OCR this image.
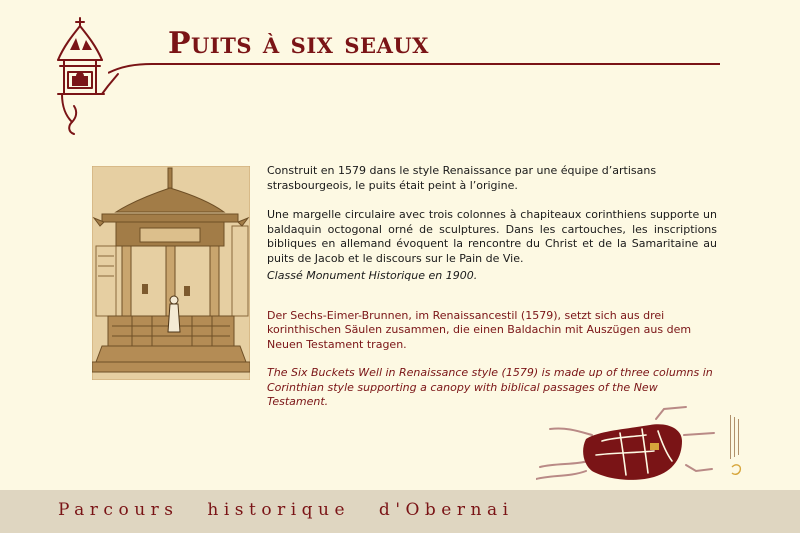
Puits à six seaux

Construit en 1579 dans le style Renaissance par une équipe d’artisans strasbourgeois, le puits était peint à l’origine.

Une margelle circulaire avec trois colonnes à chapiteaux corinthiens supporte un baldaquin octogonal orné de sculptures. Dans les cartouches, les inscriptions bibliques en allemand évoquent la rencontre du Christ et de la Samaritaine au puits de Jacob et le discours sur le Pain de Vie.

Classé Monument Historique en 1900.

Der Sechs-Eimer-Brunnen, im Renaissancestil (1579), setzt sich aus drei korinthischen Säulen zusammen, die einen Baldachin mit Auszügen aus dem Neuen Testament tragen.

The Six Buckets Well in Renaissance style (1579) is made up of three columns in Corinthian style supporting a canopy with biblical passages of the New Testament.

Parcours historique d'Obernai
